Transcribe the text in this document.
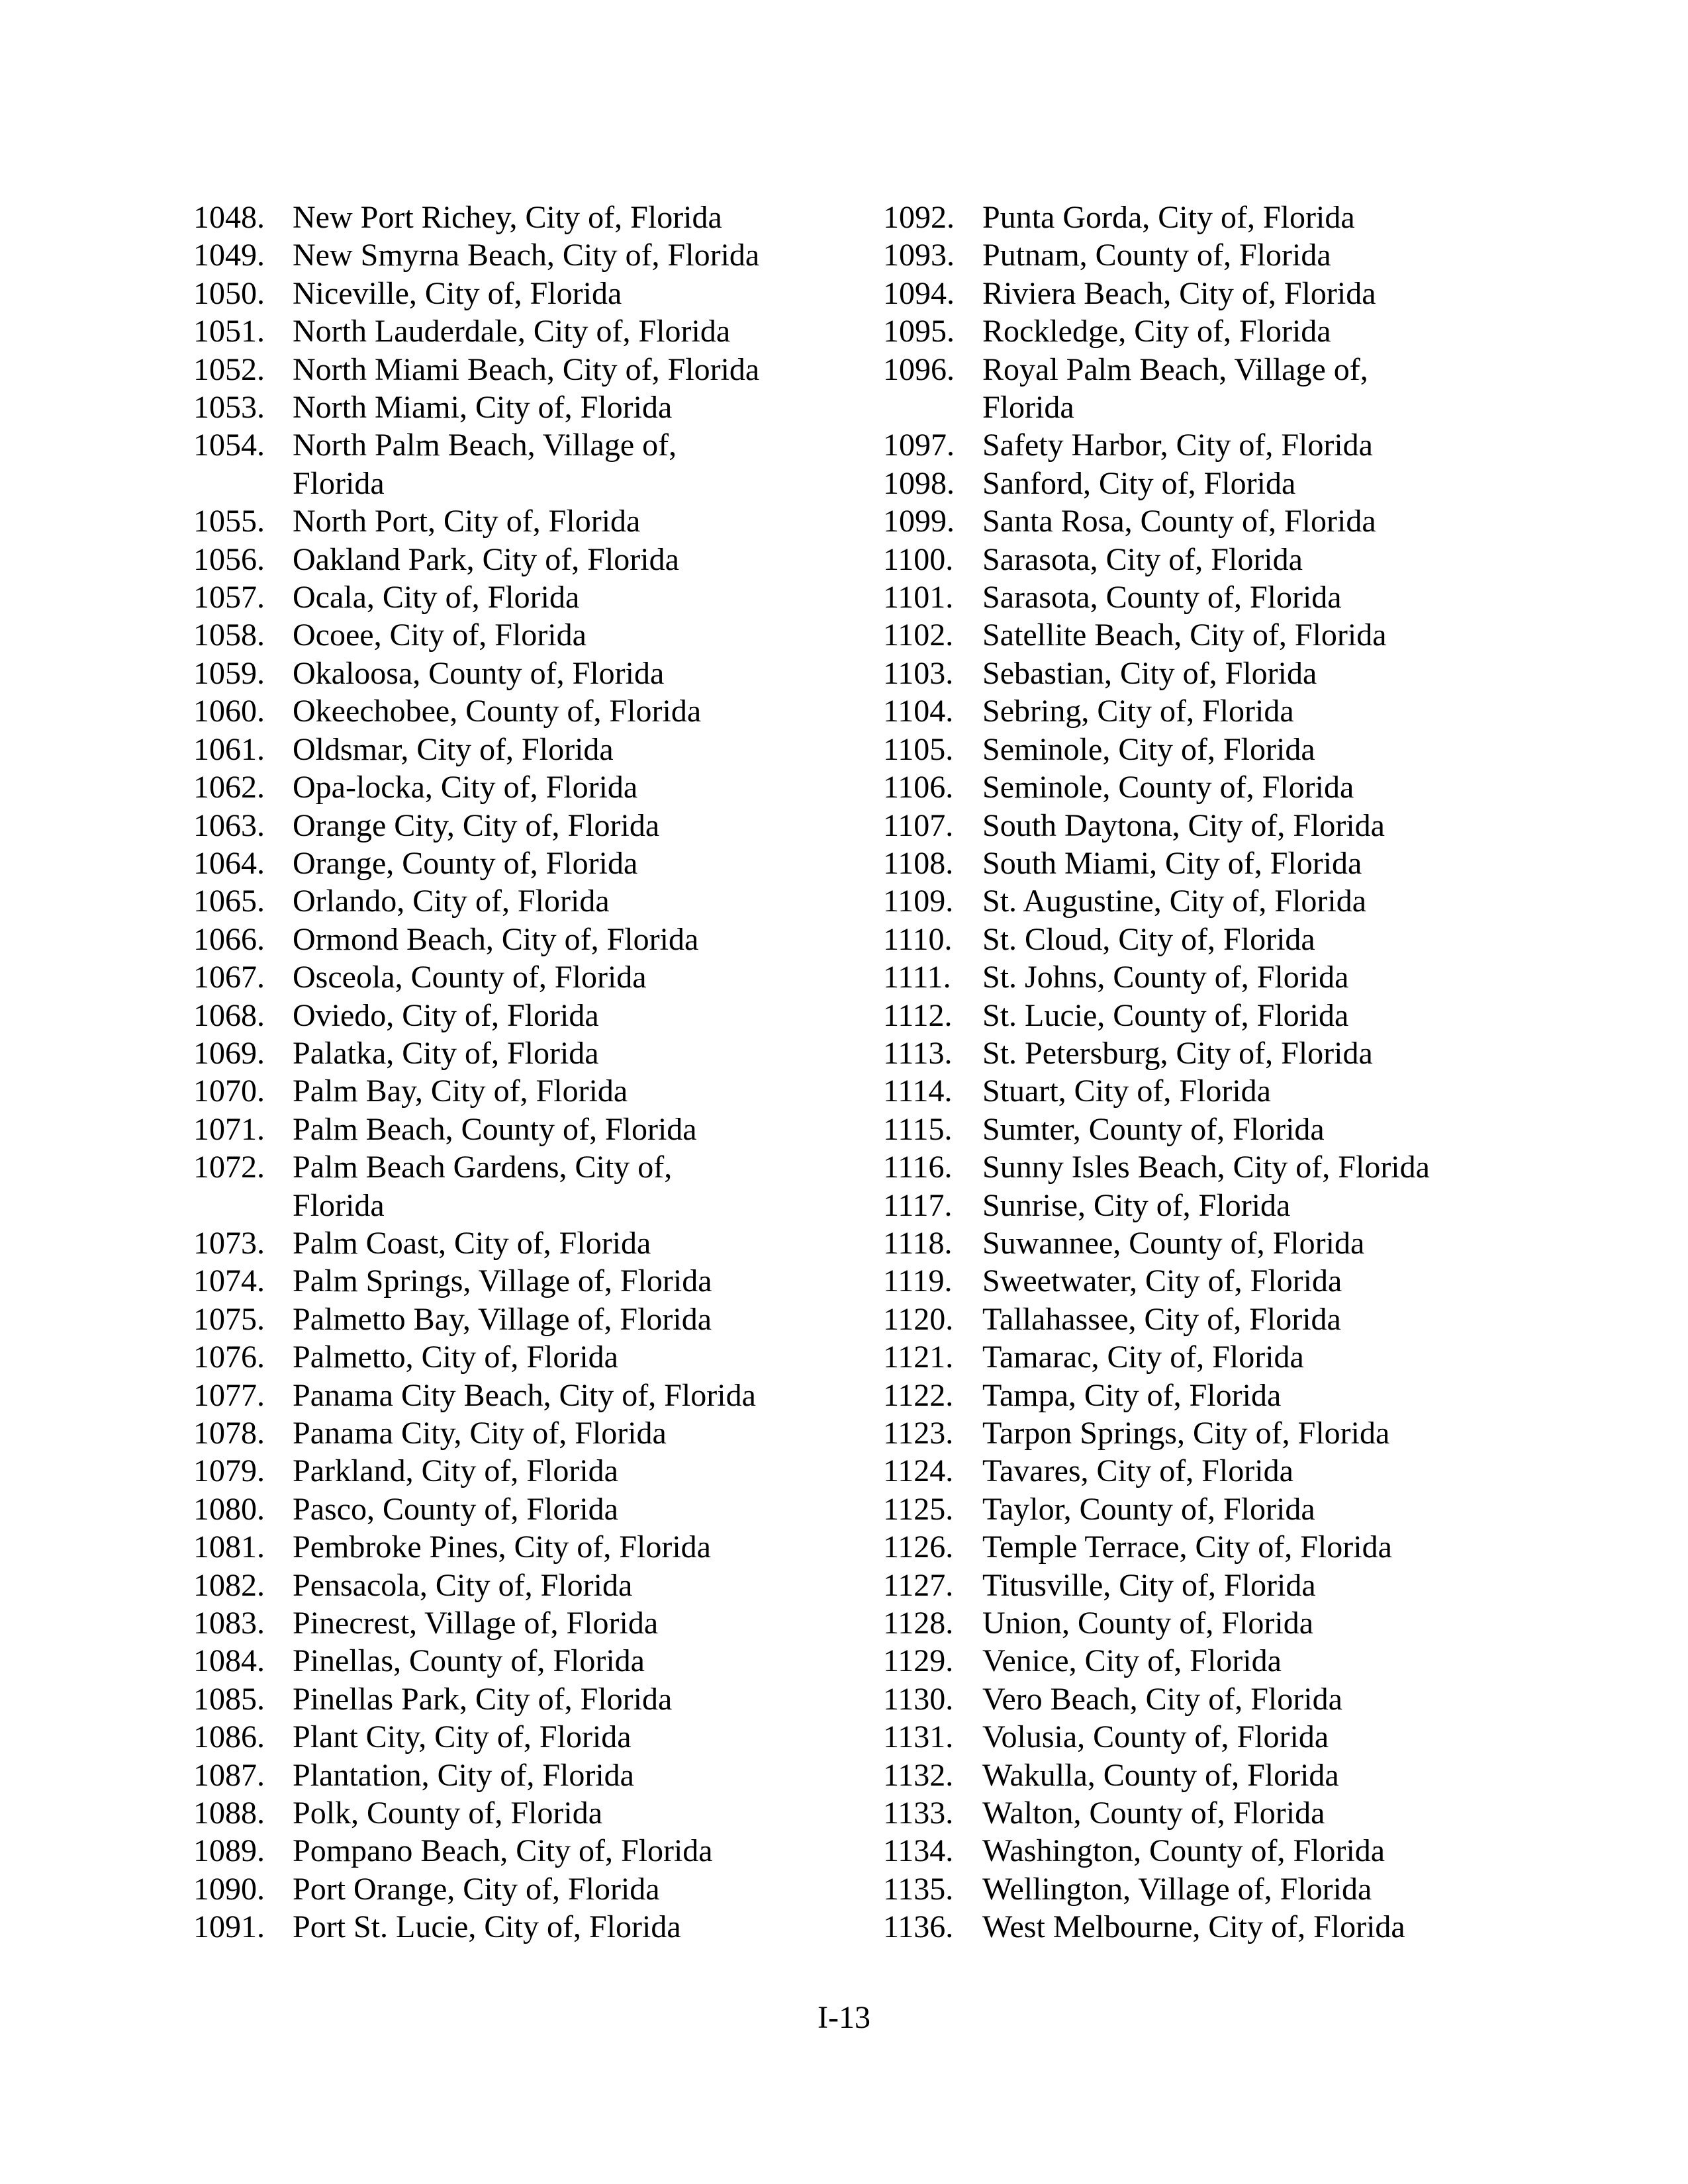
1048. New Port Richey, City of, Florida
1049. New Smyrna Beach, City of, Florida
1050. Niceville, City of, Florida
1051. North Lauderdale, City of, Florida
1052. North Miami Beach, City of, Florida
1053. North Miami, City of, Florida
1054. North Palm Beach, Village of,
Florida
1055. North Port, City of, Florida
1056. Oakland Park, City of, Florida
1057. Ocala, City of, Florida
1058. Ocoee, City of, Florida
1059. Okaloosa, County of, Florida
1060. Okeechobee, County of, Florida
1061. Oldsmar, City of, Florida
1062. Opa-locka, City of, Florida
1063. Orange City, City of, Florida
1064. Orange, County of, Florida
1065. Orlando, City of, Florida
1066. Ormond Beach, City of, Florida
1067. Osceola, County of, Florida
1068. Oviedo, City of, Florida
1069. Palatka, City of, Florida
1070. Palm Bay, City of, Florida
1071. Palm Beach, County of, Florida
1072. Palm Beach Gardens, City of,
Florida
1073. Palm Coast, City of, Florida
1074. Palm Springs, Village of, Florida
1075. Palmetto Bay, Village of, Florida
1076. Palmetto, City of, Florida
1077. Panama City Beach, City of, Florida
1078. Panama City, City of, Florida
1079. Parkland, City of, Florida
1080. Pasco, County of, Florida
1081. Pembroke Pines, City of, Florida
1082. Pensacola, City of, Florida
1083. Pinecrest, Village of, Florida
1084. Pinellas, County of, Florida
1085. Pinellas Park, City of, Florida
1086. Plant City, City of, Florida
1087. Plantation, City of, Florida
1088. Polk, County of, Florida
1089. Pompano Beach, City of, Florida
1090. Port Orange, City of, Florida
1091. Port St. Lucie, City of, Florida
1092. Punta Gorda, City of, Florida
1093. Putnam, County of, Florida
1094. Riviera Beach, City of, Florida
1095. Rockledge, City of, Florida
1096. Royal Palm Beach, Village of,
Florida
1097. Safety Harbor, City of, Florida
1098. Sanford, City of, Florida
1099. Santa Rosa, County of, Florida
1100. Sarasota, City of, Florida
1101. Sarasota, County of, Florida
1102. Satellite Beach, City of, Florida
1103. Sebastian, City of, Florida
1104. Sebring, City of, Florida
1105. Seminole, City of, Florida
1106. Seminole, County of, Florida
1107. South Daytona, City of, Florida
1108. South Miami, City of, Florida
1109. St. Augustine, City of, Florida
1110. St. Cloud, City of, Florida
1111. St. Johns, County of, Florida
1112. St. Lucie, County of, Florida
1113. St. Petersburg, City of, Florida
1114. Stuart, City of, Florida
1115. Sumter, County of, Florida
1116. Sunny Isles Beach, City of, Florida
1117. Sunrise, City of, Florida
1118. Suwannee, County of, Florida
1119. Sweetwater, City of, Florida
1120. Tallahassee, City of, Florida
1121. Tamarac, City of, Florida
1122. Tampa, City of, Florida
1123. Tarpon Springs, City of, Florida
1124. Tavares, City of, Florida
1125. Taylor, County of, Florida
1126. Temple Terrace, City of, Florida
1127. Titusville, City of, Florida
1128. Union, County of, Florida
1129. Venice, City of, Florida
1130. Vero Beach, City of, Florida
1131. Volusia, County of, Florida
1132. Wakulla, County of, Florida
1133. Walton, County of, Florida
1134. Washington, County of, Florida
1135. Wellington, Village of, Florida
1136. West Melbourne, City of, Florida
I-13
